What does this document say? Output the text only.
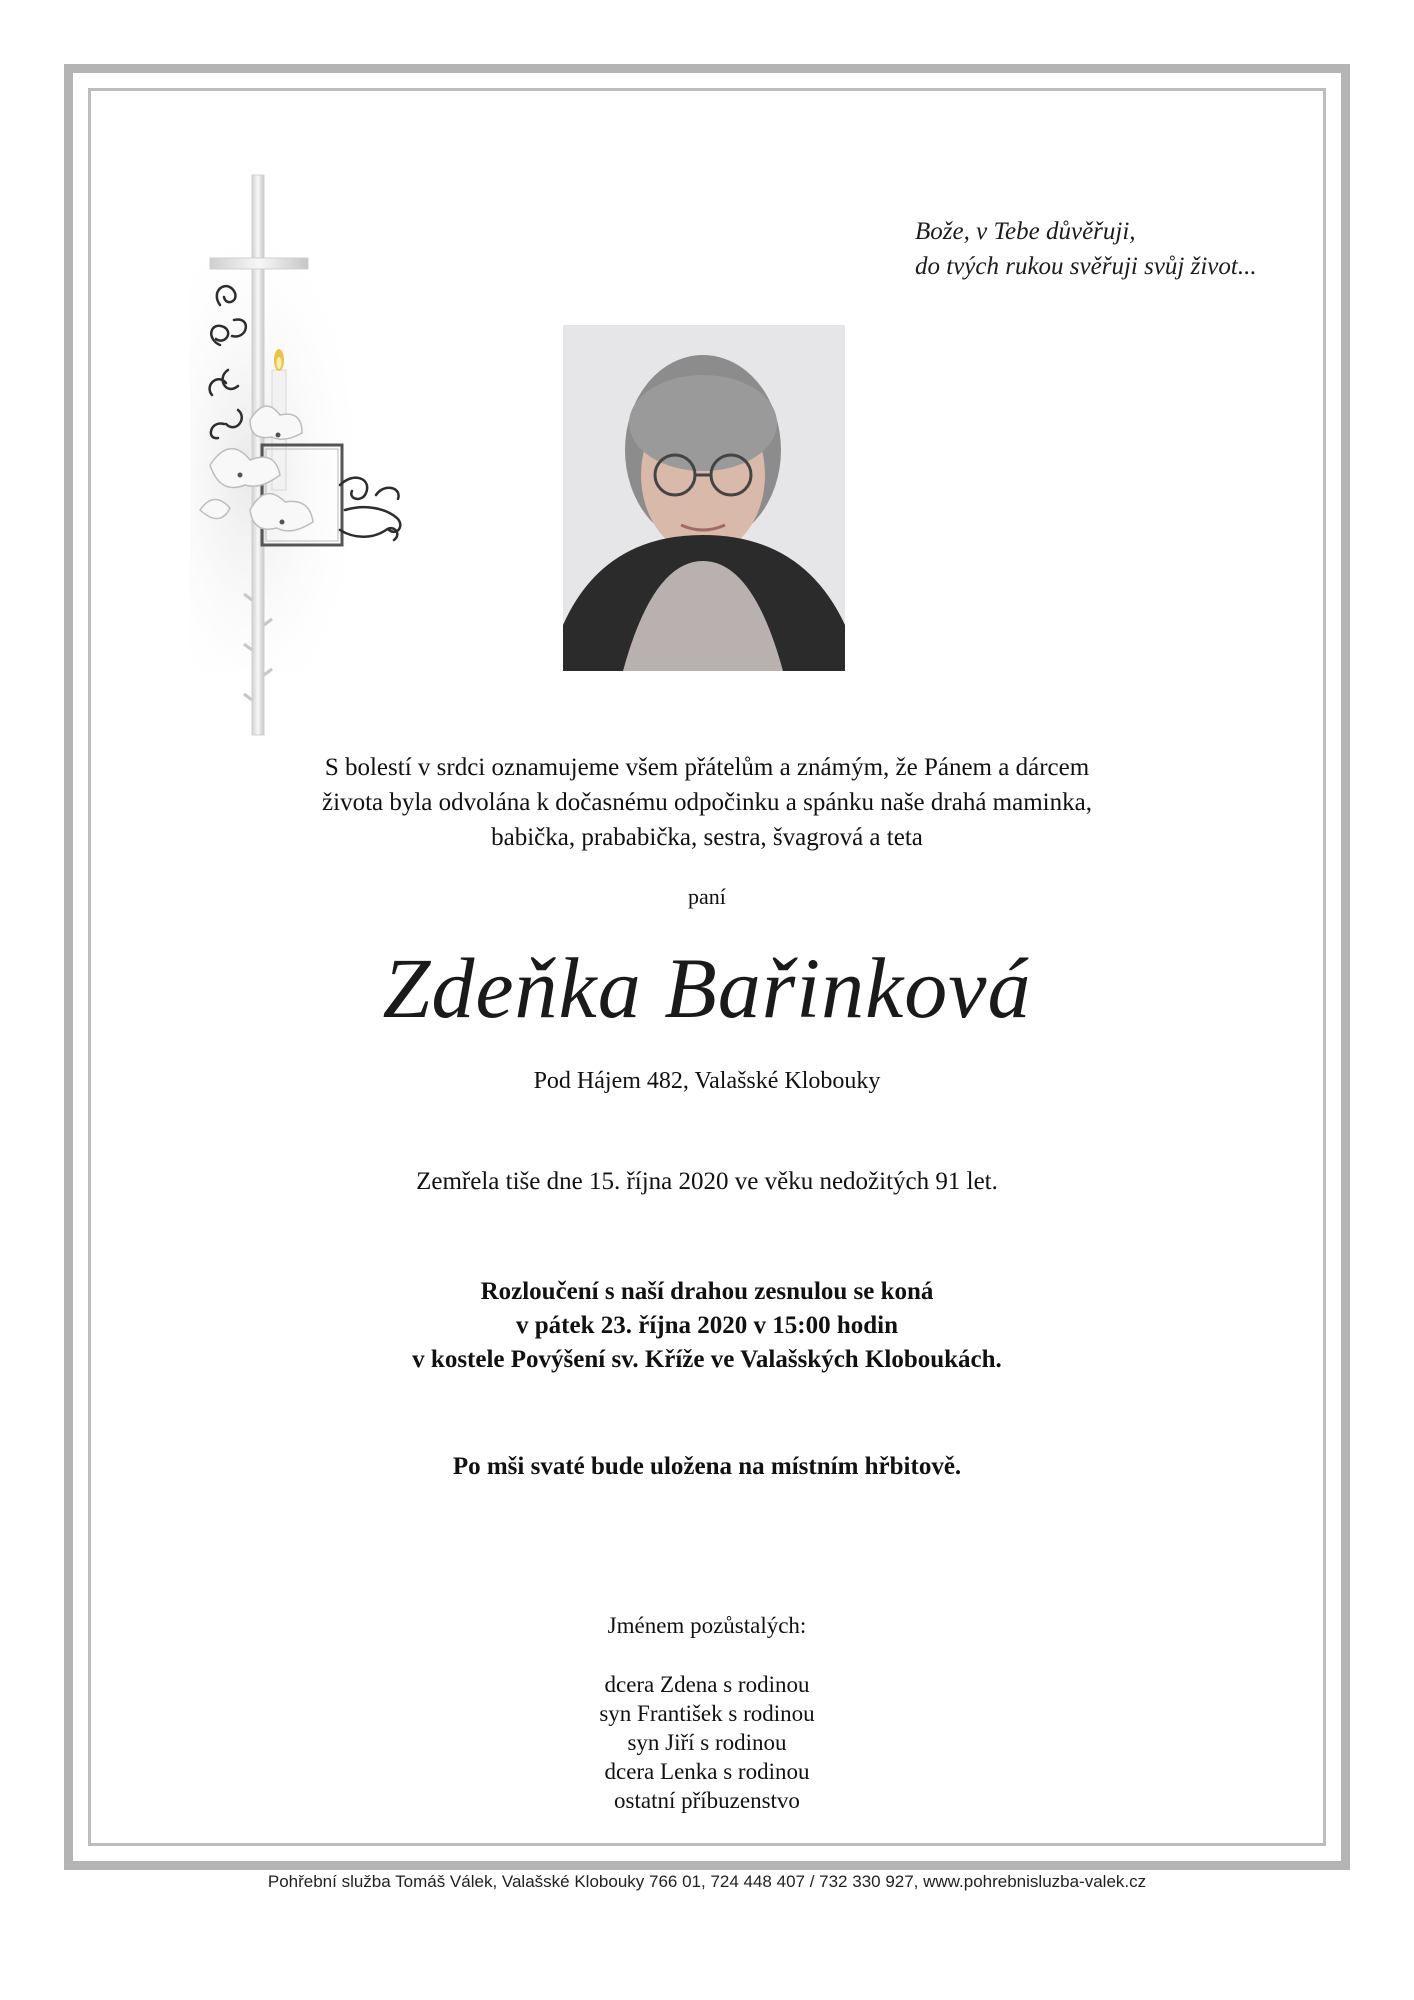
Bože, v Tebe důvěřuji,
do tvých rukou svěřuji svůj život...
S bolestí v srdci oznamujeme všem přátelům a známým, že Pánem a dárcem
života byla odvolána k dočasnému odpočinku a spánku naše drahá maminka,
babička, prababička, sestra, švagrová a teta
paní
Zdeňka Bařinková
Pod Hájem 482, Valašské Klobouky
Zemřela tiše dne 15. října 2020 ve věku nedožitých 91 let.
Rozloučení s naší drahou zesnulou se koná
v pátek 23. října 2020 v 15:00 hodin
v kostele Povýšení sv. Kříže ve Valašských Kloboukách.
Po mši svaté bude uložena na místním hřbitově.
Jménem pozůstalých:
dcera Zdena s rodinou
syn František s rodinou
syn Jiří s rodinou
dcera Lenka s rodinou
ostatní příbuzenstvo
Pohřební služba Tomáš Válek, Valašské Klobouky 766 01, 724 448 407 / 732 330 927, www.pohrebnisluzba-valek.cz
